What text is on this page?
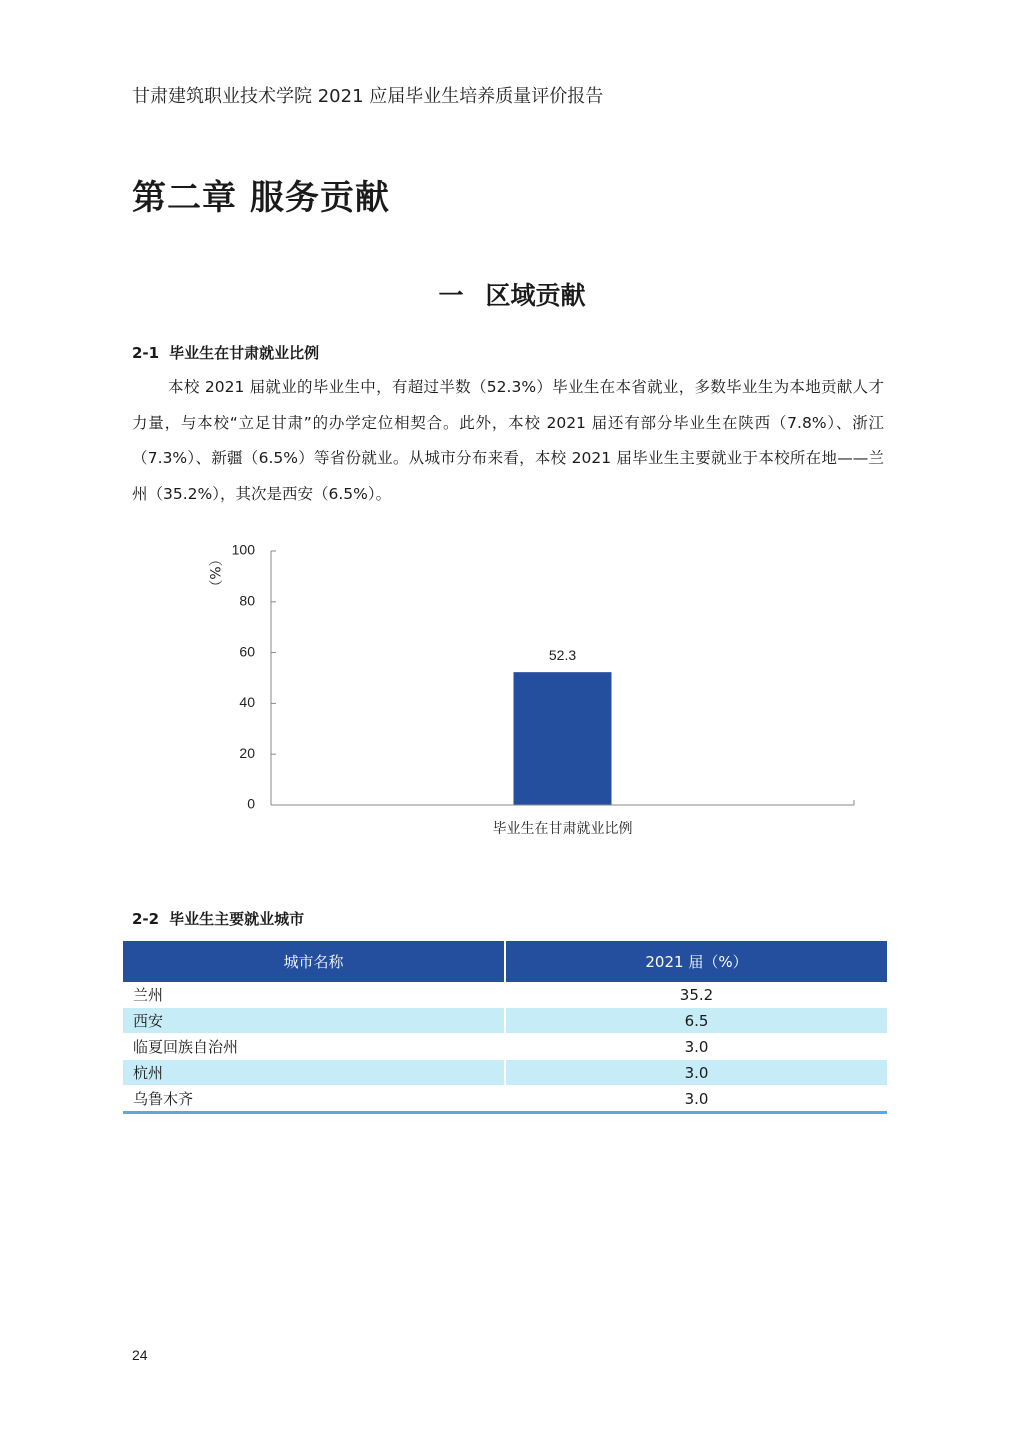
甘肃建筑职业技术学院 2021 应届毕业生培养质量评价报告
第二章 服务贡献
一 区域贡献
2-1 毕业生在甘肃就业比例
本校 2021 届就业的毕业生中，有超过半数（52.3%）毕业生在本省就业，多数毕业生为本地贡献人才力量，与本校“立足甘肃”的办学定位相契合。此外，本校 2021 届还有部分毕业生在陕西（7.8%）、浙江（7.3%）、新疆（6.5%）等省份就业。从城市分布来看，本校 2021 届毕业生主要就业于本校所在地——兰州（35.2%），其次是西安（6.5%）。
（%）
0
20
40
60
80
100
52.3
毕业生在甘肃就业比例
2-2 毕业生主要就业城市
城市名称	2021 届（%）
兰州	35.2
西安	6.5
临夏回族自治州	3.0
杭州	3.0
乌鲁木齐	3.0
24
